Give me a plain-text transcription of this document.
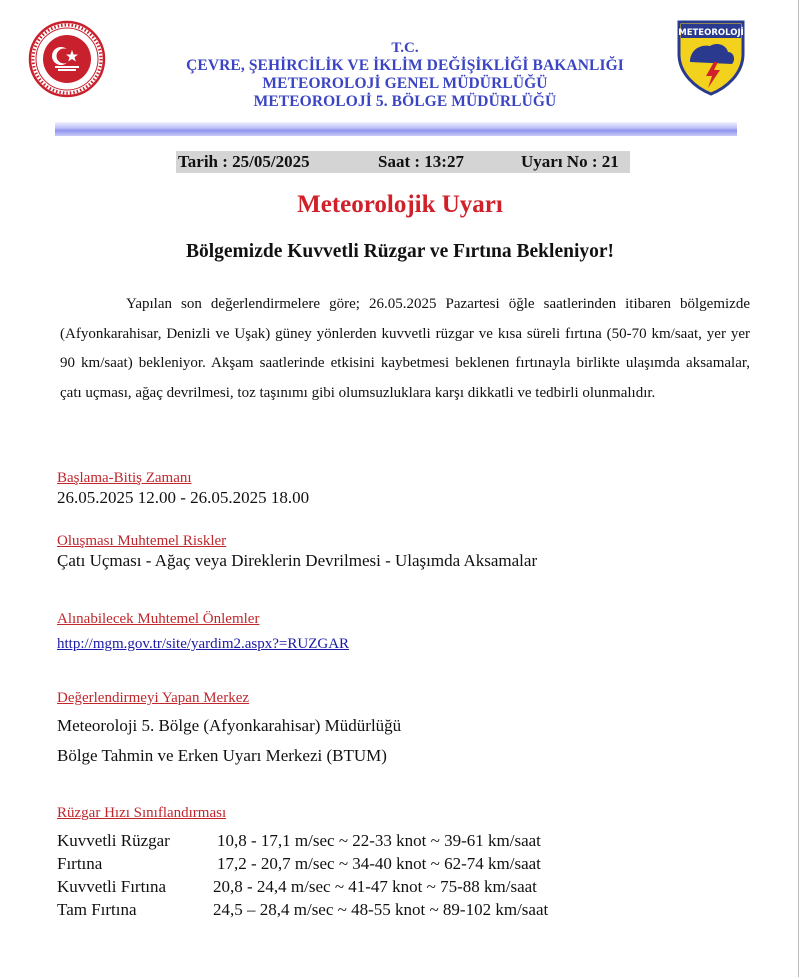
METEOROLOJİ
T.C.
ÇEVRE, ŞEHİRCİLİK VE İKLİM DEĞİŞİKLİĞİ BAKANLIĞI
METEOROLOJİ GENEL MÜDÜRLÜĞÜ
METEOROLOJİ 5. BÖLGE MÜDÜRLÜĞÜ
Tarih : 25/05/2025	Saat : 13:27	Uyarı No : 21
Meteorolojik Uyarı
Bölgemizde Kuvvetli Rüzgar ve Fırtına Bekleniyor!
Yapılan son değerlendirmelere göre; 26.05.2025 Pazartesi öğle saatlerinden itibaren bölgemizde (Afyonkarahisar, Denizli ve Uşak) güney yönlerden kuvvetli rüzgar ve kısa süreli fırtına (50-70 km/saat, yer yer 90 km/saat) bekleniyor. Akşam saatlerinde etkisini kaybetmesi beklenen fırtınayla birlikte ulaşımda aksamalar, çatı uçması, ağaç devrilmesi, toz taşınımı gibi olumsuzluklara karşı dikkatli ve tedbirli olunmalıdır.
Başlama-Bitiş Zamanı
26.05.2025 12.00 - 26.05.2025 18.00
Oluşması Muhtemel Riskler
Çatı Uçması - Ağaç veya Direklerin Devrilmesi - Ulaşımda Aksamalar
Alınabilecek Muhtemel Önlemler
http://mgm.gov.tr/site/yardim2.aspx?=RUZGAR
Değerlendirmeyi Yapan Merkez
Meteoroloji 5. Bölge (Afyonkarahisar) Müdürlüğü
Bölge Tahmin ve Erken Uyarı Merkezi (BTUM)
Rüzgar Hızı Sınıflandırması
Kuvvetli Rüzgar	10,8 - 17,1 m/sec ~ 22-33 knot ~ 39-61 km/saat
Fırtına	17,2 - 20,7 m/sec ~ 34-40 knot ~ 62-74 km/saat
Kuvvetli Fırtına	20,8 - 24,4 m/sec ~ 41-47 knot ~ 75-88 km/saat
Tam Fırtına	24,5 – 28,4 m/sec ~ 48-55 knot ~ 89-102 km/saat
